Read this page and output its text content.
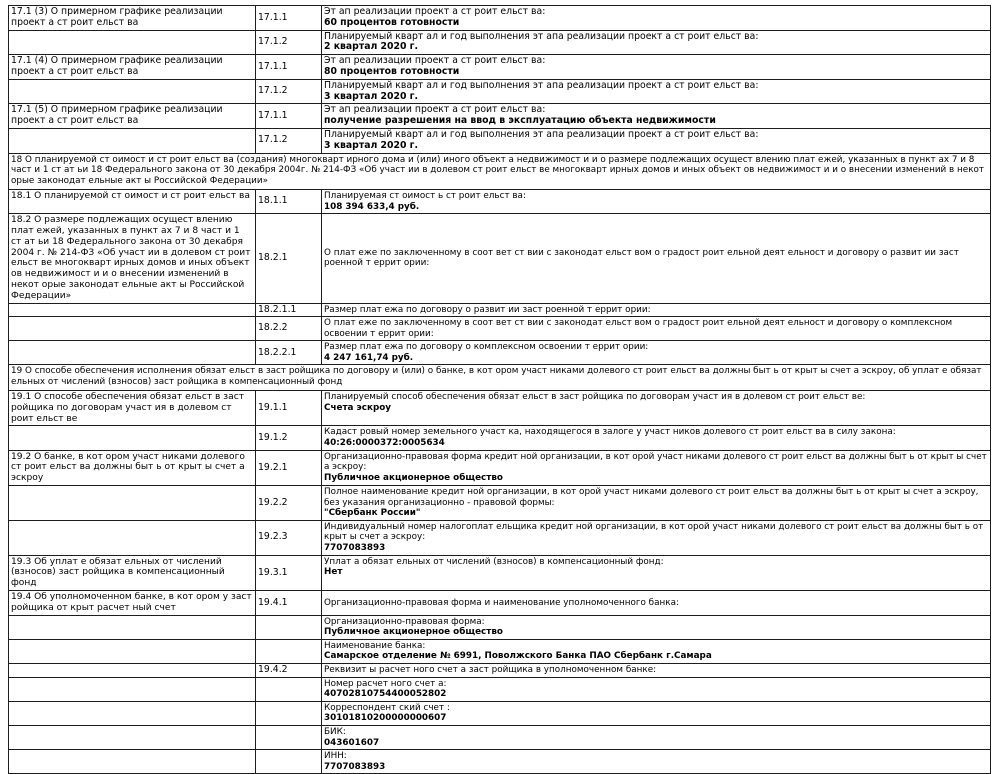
17.1 (3) О примерном графике реализации проект а ст роит ельст ва	17.1.1	Эт ап реализации проект а ст роит ельст ва:
60 процентов готовности

	17.1.2	Планируемый кварт ал и год выполнения эт апа реализации проект а ст роит ельст ва:
2 квартал 2020 г.

17.1 (4) О примерном графике реализации проект а ст роит ельст ва	17.1.1	Эт ап реализации проект а ст роит ельст ва:
80 процентов готовности

	17.1.2	Планируемый кварт ал и год выполнения эт апа реализации проект а ст роит ельст ва:
3 квартал 2020 г.

17.1 (5) О примерном графике реализации проект а ст роит ельст ва	17.1.1	Эт ап реализации проект а ст роит ельст ва:
получение разрешения на ввод в эксплуатацию объекта недвижимости

	17.1.2	Планируемый кварт ал и год выполнения эт апа реализации проект а ст роит ельст ва:
3 квартал 2020 г.

18 О планируемой ст оимост и ст роит ельст ва (создания) многокварт ирного дома и (или) иного объект а недвижимост и и о размере подлежащих осущест влению плат ежей, указанных в пункт ах 7 и 8 част и 1 ст ат ьи 18 Федерального закона от 30 декабря 2004г. № 214-ФЗ «Об участ ии в долевом ст роит ельст ве многокварт ирных домов и иных объект ов недвижимост и и о внесении изменений в некот орые законодат ельные акт ы Российской Федерации»		
18.1 О планируемой ст оимост и ст роит ельст ва	18.1.1	Планируемая ст оимост ь ст роит ельст ва:
108 394 633,4 руб.

18.2 О размере подлежащих осущест влению плат ежей, указанных в пункт ах 7 и 8 част и 1 ст ат ьи 18 Федерального закона от 30 декабря 2004 г. № 214-ФЗ «Об участ ии в долевом ст роит ельст ве многокварт ирных домов и иных объект ов недвижимост и и о внесении изменений в некот орые законодат ельные акт ы Российской Федерации»	18.2.1	О плат еже по заключенному в соот вет ст вии с законодат ельст вом о градост роит ельной деят ельност и договору о развит ии заст роенной т еррит ории:

	18.2.1.1	Размер плат ежа по договору о развит ии заст роенной т еррит ории:

	18.2.2	О плат еже по заключенному в соот вет ст вии с законодат ельст вом о градост роит ельной деят ельност и договору о комплексном освоении т еррит ории:

	18.2.2.1	Размер плат ежа по договору о комплексном освоении т еррит ории:
4 247 161,74 руб.

19 О способе обеспечения исполнения обязат ельст в заст ройщика по договору и (или) о банке, в кот ором участ никами долевого ст роит ельст ва должны быт ь от крыт ы счет а эскроу, об уплат е обязат ельных от числений (взносов) заст ройщика в компенсационный фонд		
19.1 О способе обеспечения обязат ельст в заст ройщика по договорам участ ия в долевом ст роит ельст ве	19.1.1	Планируемый способ обеспечения обязат ельст в заст ройщика по договорам участ ия в долевом ст роит ельст ве:
Счета эскроу

	19.1.2	Кадаст ровый номер земельного участ ка, находящегося в залоге у участ ников долевого ст роит ельст ва в силу закона:
40:26:0000372:0005634

19.2 О банке, в кот ором участ никами долевого ст роит ельст ва должны быт ь от крыт ы счет а эскроу	19.2.1	Организационно-правовая форма кредит ной организации, в кот орой участ никами долевого ст роит ельст ва должны быт ь от крыт ы счет а эскроу:
Публичное акционерное общество

	19.2.2	Полное наименование кредит ной организации, в кот орой участ никами долевого ст роит ельст ва должны быт ь от крыт ы счет а эскроу, без указания организационно - правовой формы:
"Сбербанк России"

	19.2.3	Индивидуальный номер налогоплат ельщика кредит ной организации, в кот орой участ никами долевого ст роит ельст ва должны быт ь от крыт ы счет а эскроу:
7707083893

19.3 Об уплат е обязат ельных от числений (взносов) заст ройщика в компенсационный фонд	19.3.1	Уплат а обязат ельных от числений (взносов) в компенсационный фонд:
Нет

19.4 Об уполномоченном банке, в кот ором у заст ройщика от крыт расчет ный счет	19.4.1	Организационно-правовая форма и наименование уполномоченного банка:

		Организационно-правовая форма:
Публичное акционерное общество

		Наименование банка:
Самарское отделение № 6991, Поволжского Банка ПАО Сбербанк г.Самара

	19.4.2	Реквизит ы расчет ного счет а заст ройщика в уполномоченном банке:

		Номер расчет ного счет а:
40702810754400052802

		Корреспондент ский счет :
30101810200000000607

		БИК:
043601607

		ИНН:
7707083893
